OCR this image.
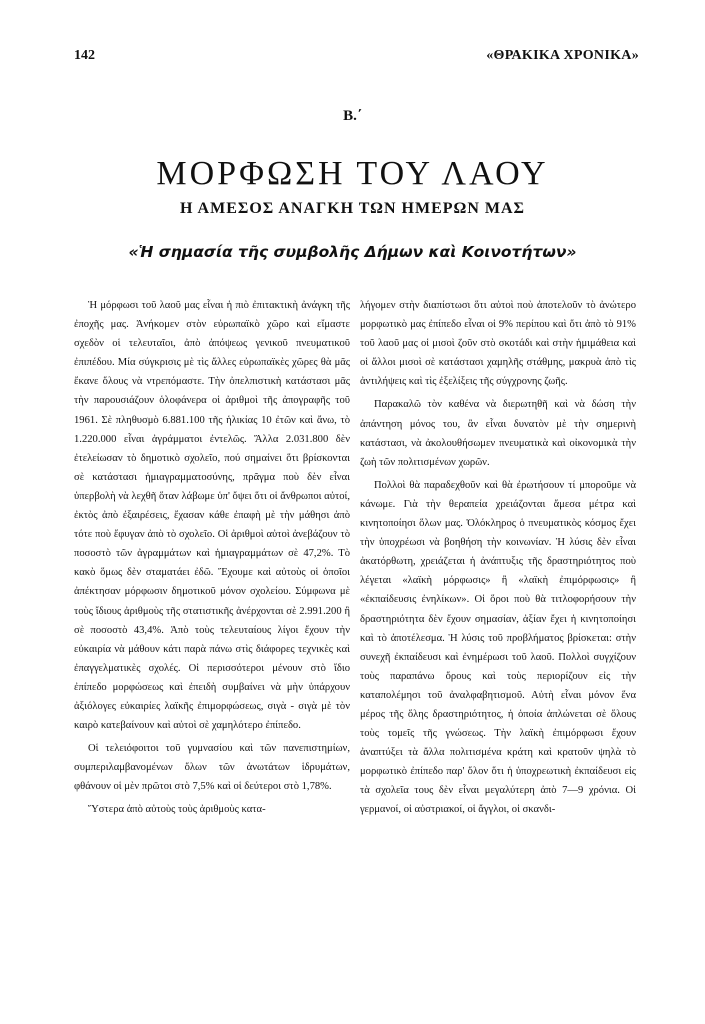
142	«ΘΡΑΚΙΚΑ ΧΡΟΝΙΚΑ»
Β.΄
ΜΟΡΦΩΣΗ ΤΟΥ ΛΑΟΥ
Η ΑΜΕΣΟΣ ΑΝΑΓΚΗ ΤΩΝ ΗΜΕΡΩΝ ΜΑΣ
«Ἡ σημασία τῆς συμβολῆς Δήμων καὶ Κοινοτήτων»

Ἡ μόρφωσι τοῦ λαοῦ μας εἶναι ἡ πιὸ ἐπιτακτικὴ ἀνάγκη τῆς ἐποχῆς μας. Ἀνήκομεν στὸν εὐρωπαϊκὸ χῶρο καὶ εἴμαστε σχεδὸν οἱ τελευταῖοι, ἀπὸ ἀπόψεως γενικοῦ πνευματικοῦ ἐπιπέδου. Μία σύγκρισις μὲ τὶς ἄλλες εὐρωπαϊκὲς χῶρες θὰ μᾶς ἔκανε ὅλους νὰ ντρεπόμαστε. Τὴν ὀπελπιστικὴ κατάστασι μᾶς τὴν παρουσιάζουν ὁλοφάνερα οἱ ἀριθμοὶ τῆς ἀπογραφῆς τοῦ 1961. Σὲ πληθυσμὸ 6.881.100 τῆς ἡλικίας 10 ἐτῶν καὶ ἄνω, τὸ 1.220.000 εἶναι ἀγράμματοι ἐντελῶς. Ἄλλα 2.031.800 δὲν ἐτελείωσαν τὸ δημοτικὸ σχολεῖο, πού σημαίνει ὅτι βρίσκονται σὲ κατάστασι ἡμιαγραμματοσύνης, πρᾶγμα ποὺ δὲν εἶναι ὑπερβολὴ νὰ λεχθῆ ὅταν λάβωμε ὑπ' ὄψει ὅτι οἱ ἄνθρωποι αὐτοί, ἐκτὸς ἀπὸ ἐξαιρέσεις, ἔχασαν κάθε ἐπαφὴ μὲ τὴν μάθησι ἀπὸ τότε ποὺ ἔφυγαν ἀπὸ τὸ σχολεῖο. Οἱ ἀριθμοὶ αὐτοὶ ἀνεβάζουν τὸ ποσοστὸ τῶν ἀγραμμάτων καὶ ἡμιαγραμμάτων σὲ 47,2%. Τὸ κακὸ ὅμως δὲν σταματάει ἐδῶ. Ἔχουμε καὶ αὐτοὺς οἱ ὁποῖοι ἀπέκτησαν μόρφωσιν δημοτικοῦ μόνον σχολείου. Σύμφωνα μὲ τοὺς ἴδιους ἀριθμοὺς τῆς στατιστικῆς ἀνέρχονται σὲ 2.991.200 ἢ σὲ ποσοστὸ 43,4%. Ἀπὸ τοὺς τελευταίους λίγοι ἔχουν τὴν εὐκαιρία νὰ μάθουν κάτι παρὰ πάνω στὶς διάφορες τεχνικὲς καὶ ἐπαγγελματικὲς σχολές. Οἱ περισσότεροι μένουν στὸ ἴδιο ἐπίπεδο μορφώσεως καὶ ἐπειδὴ συμβαίνει νὰ μὴν ὑπάρχουν ἀξιόλογες εὐκαιρίες λαϊκῆς ἐπιμορφώσεως, σιγὰ - σιγὰ μὲ τὸν καιρὸ κατεβαίνουν καὶ αὐτοὶ σὲ χαμηλότερο ἐπίπεδο.

Οἱ τελειόφοιτοι τοῦ γυμνασίου καὶ τῶν πανεπιστημίων, συμπεριλαμβανομένων ὅλων τῶν ἀνωτάτων ἱδρυμάτων, φθάνουν οἱ μὲν πρῶτοι στὸ 7,5% καὶ οἱ δεύτεροι στὸ 1,78%.

Ὕστερα ἀπὸ αὐτοὺς τοὺς ἀριθμοὺς κατα-

λήγομεν στὴν διαπίστωσι ὅτι αὐτοὶ ποὺ ἀποτελοῦν τὸ ἀνώτερο μορφωτικὸ μας ἐπίπεδο εἶναι οἱ 9% περίπου καὶ ὅτι ἀπὸ τὸ 91% τοῦ λαοῦ μας οἱ μισοὶ ζοῦν στὸ σκοτάδι καὶ στὴν ἡμιμάθεια καὶ οἱ ἄλλοι μισοὶ σὲ κατάστασι χαμηλῆς στάθμης, μακρυὰ ἀπὸ τὶς ἀντιλήψεις καὶ τὶς ἐξελίξεις τῆς σύγχρονης ζωῆς.

Παρακαλῶ τὸν καθένα νὰ διερωτηθῆ καὶ νὰ δώση τὴν ἀπάντηση μόνος του, ἂν εἶναι δυνατὸν μὲ τὴν σημερινὴ κατάστασι, νὰ ἀκολουθήσωμεν πνευματικὰ καὶ οἰκονομικὰ τὴν ζωὴ τῶν πολιτισμένων χωρῶν.

Πολλοὶ θὰ παραδεχθοῦν καὶ θὰ ἐρωτήσουν τί μποροῦμε νὰ κάνωμε. Γιὰ τὴν θεραπεία χρειάζονται ἄμεσα μέτρα καὶ κινητοποίησι ὅλων μας. Ὁλόκληρος ὁ πνευματικὸς κόσμος ἔχει τὴν ὑποχρέωσι νὰ βοηθήση τὴν κοινωνίαν. Ἡ λύσις δὲν εἶναι ἀκατόρθωτη, χρειάζεται ἡ ἀνάπτυξις τῆς δραστηριότητος ποὺ λέγεται «λαϊκὴ μόρφωσις» ἢ «λαϊκὴ ἐπιμόρφωσις» ἢ «ἐκπαίδευσις ἐνηλίκων». Οἱ ὅροι ποὺ θὰ τιτλοφορήσουν τὴν δραστηριότητα δὲν ἔχουν σημασίαν, ἀξίαν ἔχει ἡ κινητοποίησι καὶ τὸ ἀποτέλεσμα. Ἡ λύσις τοῦ προβλήματος βρίσκεται: στὴν συνεχῆ ἐκπαίδευσι καὶ ἐνημέρωσι τοῦ λαοῦ. Πολλοὶ συγχίζουν τοὺς παραπάνω ὅρους καὶ τοὺς περιορίζουν εἰς τὴν καταπολέμησι τοῦ ἀναλφαβητισμοῦ. Αὐτὴ εἶναι μόνον ἕνα μέρος τῆς ὅλης δραστηριότητος, ἡ ὁποία ἁπλώνεται σὲ ὅλους τοὺς τομεῖς τῆς γνώσεως. Τὴν λαϊκὴ ἐπιμόρφωσι ἔχουν ἀναπτύξει τὰ ἄλλα πολιτισμένα κράτη καὶ κρατοῦν ψηλὰ τὸ μορφωτικὸ ἐπίπεδο παρ' ὅλον ὅτι ἡ ὑποχρεωτικὴ ἐκπαίδευσι εἰς τὰ σχολεῖα τους δὲν εἶναι μεγαλύτερη ἀπὸ 7—9 χρόνια. Οἱ γερμανοί, οἱ αὐστριακοί, οἱ ἄγγλοι, οἱ σκανδι-
